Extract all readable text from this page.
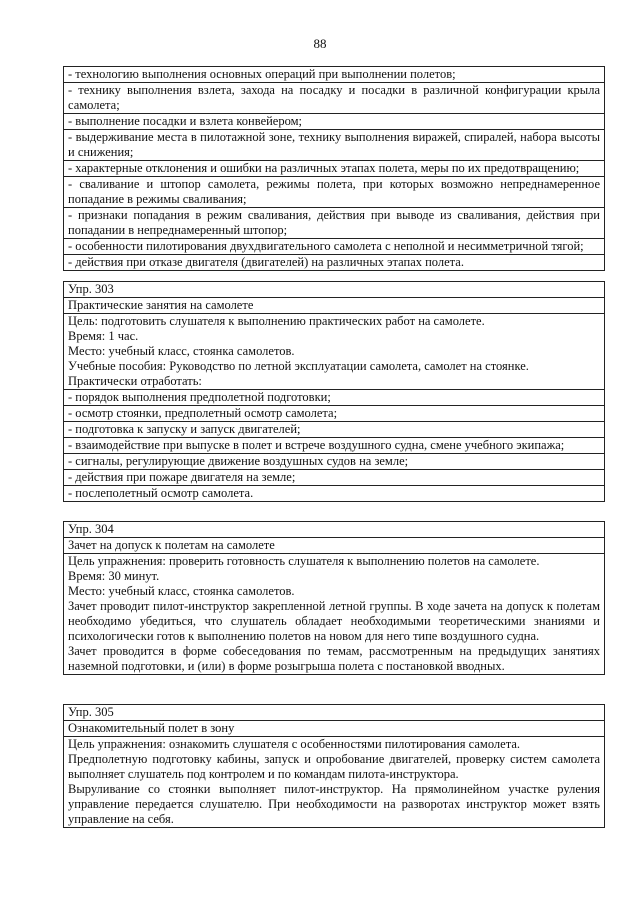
88
- технологию выполнения основных операций при выполнении полетов;
- технику выполнения взлета, захода на посадку и посадки в различной конфигурации крыла самолета;
- выполнение посадки и взлета конвейером;
- выдерживание места в пилотажной зоне, технику выполнения виражей, спиралей, набора высоты и снижения;
- характерные отклонения и ошибки на различных этапах полета, меры по их предотвращению;
- сваливание и штопор самолета, режимы полета, при которых возможно непреднамеренное попадание в режимы сваливания;
- признаки попадания в режим сваливания, действия при выводе из сваливания, действия при попадании в непреднамеренный штопор;
- особенности пилотирования двухдвигательного самолета с неполной и несимметричной тягой;
- действия при отказе двигателя (двигателей) на различных этапах полета.
Упр. 303
Практические занятия на самолете
Цель: подготовить слушателя к выполнению практических работ на самолете.
Время: 1 час.
Место: учебный класс, стоянка самолетов.
Учебные пособия: Руководство по летной эксплуатации самолета, самолет на стоянке.
Практически отработать:
- порядок выполнения предполетной подготовки;
- осмотр стоянки, предполетный осмотр самолета;
- подготовка к запуску и запуск двигателей;
- взаимодействие при выпуске в полет и встрече воздушного судна, смене учебного экипажа;
- сигналы, регулирующие движение воздушных судов на земле;
- действия при пожаре двигателя на земле;
- послеполетный осмотр самолета.
Упр. 304
Зачет на допуск к полетам на самолете
Цель упражнения: проверить готовность слушателя к выполнению полетов на самолете.
Время: 30 минут.
Место: учебный класс, стоянка самолетов.
Зачет проводит пилот-инструктор закрепленной летной группы. В ходе зачета на допуск к полетам необходимо убедиться, что слушатель обладает необходимыми теоретическими знаниями и психологически готов к выполнению полетов на новом для него типе воздушного судна.
Зачет проводится в форме собеседования по темам, рассмотренным на предыдущих занятиях наземной подготовки, и (или) в форме розыгрыша полета с постановкой вводных.
Упр. 305
Ознакомительный полет в зону
Цель упражнения: ознакомить слушателя с особенностями пилотирования самолета.
Предполетную подготовку кабины, запуск и опробование двигателей, проверку систем самолета выполняет слушатель под контролем и по командам пилота-инструктора.
Выруливание со стоянки выполняет пилот-инструктор. На прямолинейном участке руления управление передается слушателю. При необходимости на разворотах инструктор может взять управление на себя.
